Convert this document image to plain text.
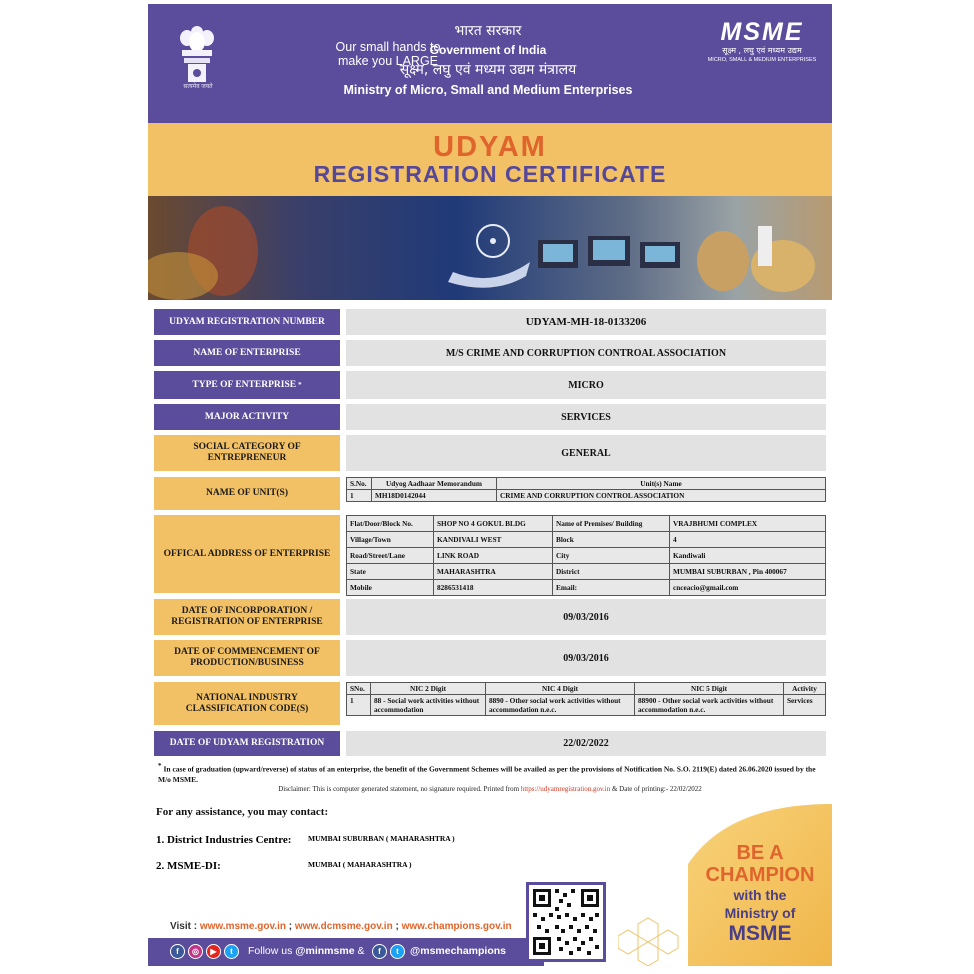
सत्यमेव जयते
भारत सरकार
Government of India
सूक्ष्म, लघु एवं मध्यम उद्यम मंत्रालय
Ministry of Micro, Small and Medium Enterprises
MSME
सूक्ष्म , लघु एवं मध्यम उद्यम
MICRO, SMALL & MEDIUM ENTERPRISES
UDYAM
REGISTRATION CERTIFICATE
Our small hands to
make you LARGE
UDYAM REGISTRATION NUMBER	UDYAM-MH-18-0133206
NAME OF ENTERPRISE	M/S CRIME AND CORRUPTION CONTROAL ASSOCIATION
TYPE OF ENTERPRISE *	MICRO
MAJOR ACTIVITY	SERVICES
SOCIAL CATEGORY OF ENTREPRENEUR	GENERAL
NAME OF UNIT(S)
S.No.	Udyog Aadhaar Memorandum	Unit(s) Name
1	MH18D0142044	CRIME AND CORRUPTION CONTROL ASSOCIATION
OFFICAL ADDRESS OF ENTERPRISE
Flat/Door/Block No.	SHOP NO 4 GOKUL BLDG	Name of Premises/ Building	VRAJBHUMI COMPLEX
Village/Town	KANDIVALI WEST	Block	4
Road/Street/Lane	LINK ROAD	City	Kandiwali
State	MAHARASHTRA	District	MUMBAI SUBURBAN , Pin 400067
Mobile	8286531418	Email:	cnceacio@gmail.com
DATE OF INCORPORATION / REGISTRATION OF ENTERPRISE	09/03/2016
DATE OF COMMENCEMENT OF PRODUCTION/BUSINESS	09/03/2016
NATIONAL INDUSTRY CLASSIFICATION CODE(S)
SNo.	NIC 2 Digit	NIC 4 Digit	NIC 5 Digit	Activity
1	88 - Social work activities without accommodation	8890 - Other social work activities without accommodation n.e.c.	88900 - Other social work activities without accommodation n.e.c.	Services
DATE OF UDYAM REGISTRATION	22/02/2022
* In case of graduation (upward/reverse) of status of an enterprise, the benefit of the Government Schemes will be availed as per the provisions of Notification No. S.O. 2119(E) dated 26.06.2020 issued by the M/o MSME.
Disclaimer: This is computer generated statement, no signature required. Printed from https://udyamregistration.gov.in & Date of printing:- 22/02/2022
For any assistance, you may contact:
1. District Industries Centre: MUMBAI SUBURBAN ( MAHARASHTRA )
2. MSME-DI:	MUMBAI ( MAHARASHTRA )
BE A
CHAMPION
with the
Ministry of
MSME
Visit : www.msme.gov.in ; www.dcmsme.gov.in ; www.champions.gov.in
f	◎	▶	t	Follow us @minmsme &	f	t	@msmechampions
